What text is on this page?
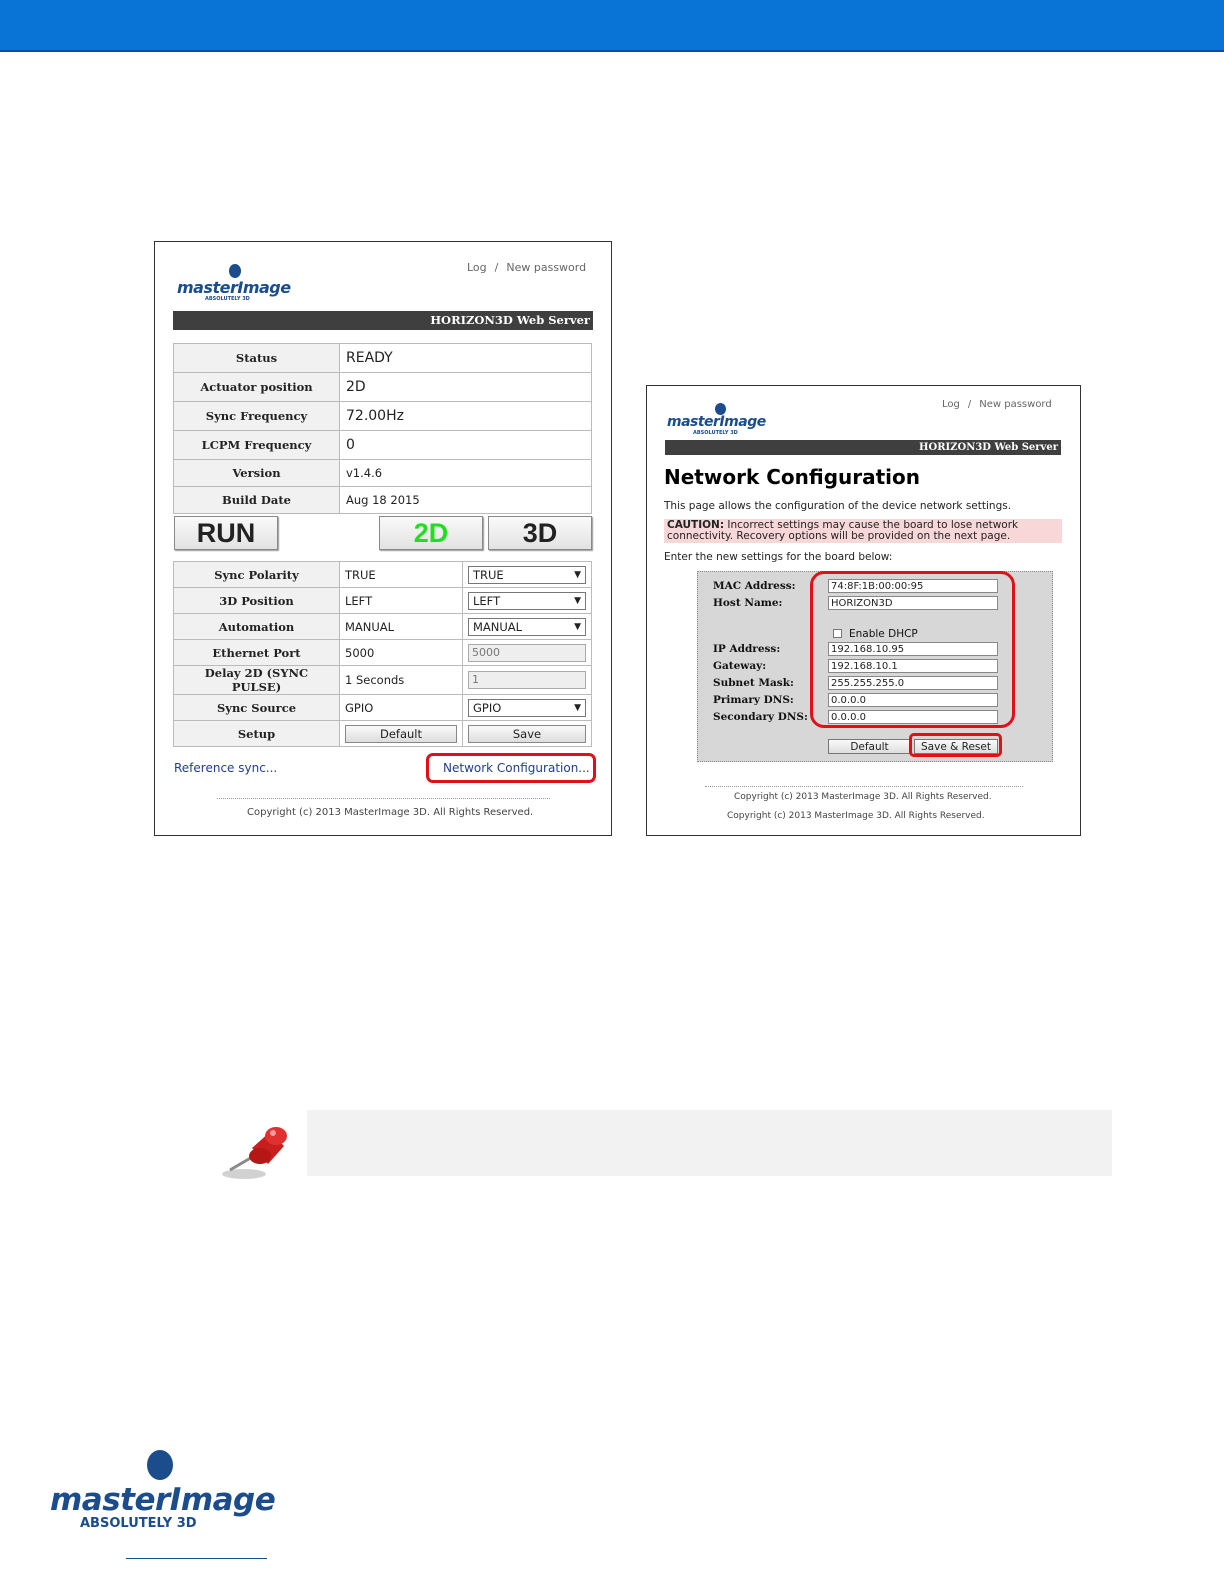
masterImage
ABSOLUTELY 3D
Log / New password
HORIZON3D Web Server
Status	READY
Actuator position	2D
Sync Frequency	72.00Hz
LCPM Frequency	0
Version	v1.4.6
Build Date	Aug 18 2015
RUN	2D	3D
Sync Polarity	TRUE	TRUE ▼

3D Position	LEFT	LEFT ▼

Automation	MANUAL	MANUAL ▼

Ethernet Port	5000	5000

Delay 2D (SYNC PULSE)	1 Seconds	1

Sync Source	GPIO	GPIO ▼

Setup	Default	Save
Reference sync...	Network Configuration...
Copyright (c) 2013 MasterImage 3D. All Rights Reserved.
masterImage
ABSOLUTELY 3D
Log / New password
HORIZON3D Web Server
Network Configuration
This page allows the configuration of the device network settings.
CAUTION: Incorrect settings may cause the board to lose network connectivity. Recovery options will be provided on the next page.
Enter the new settings for the board below:
MAC Address:	74:8F:1B:00:00:95
Host Name:	HORIZON3D
Enable DHCP
IP Address:	192.168.10.95
Gateway:	192.168.10.1
Subnet Mask:	255.255.255.0
Primary DNS:	0.0.0.0
Secondary DNS:	0.0.0.0
Default	Save & Reset
Copyright (c) 2013 MasterImage 3D. All Rights Reserved.
Copyright (c) 2013 MasterImage 3D. All Rights Reserved.
masterImage
ABSOLUTELY 3D
